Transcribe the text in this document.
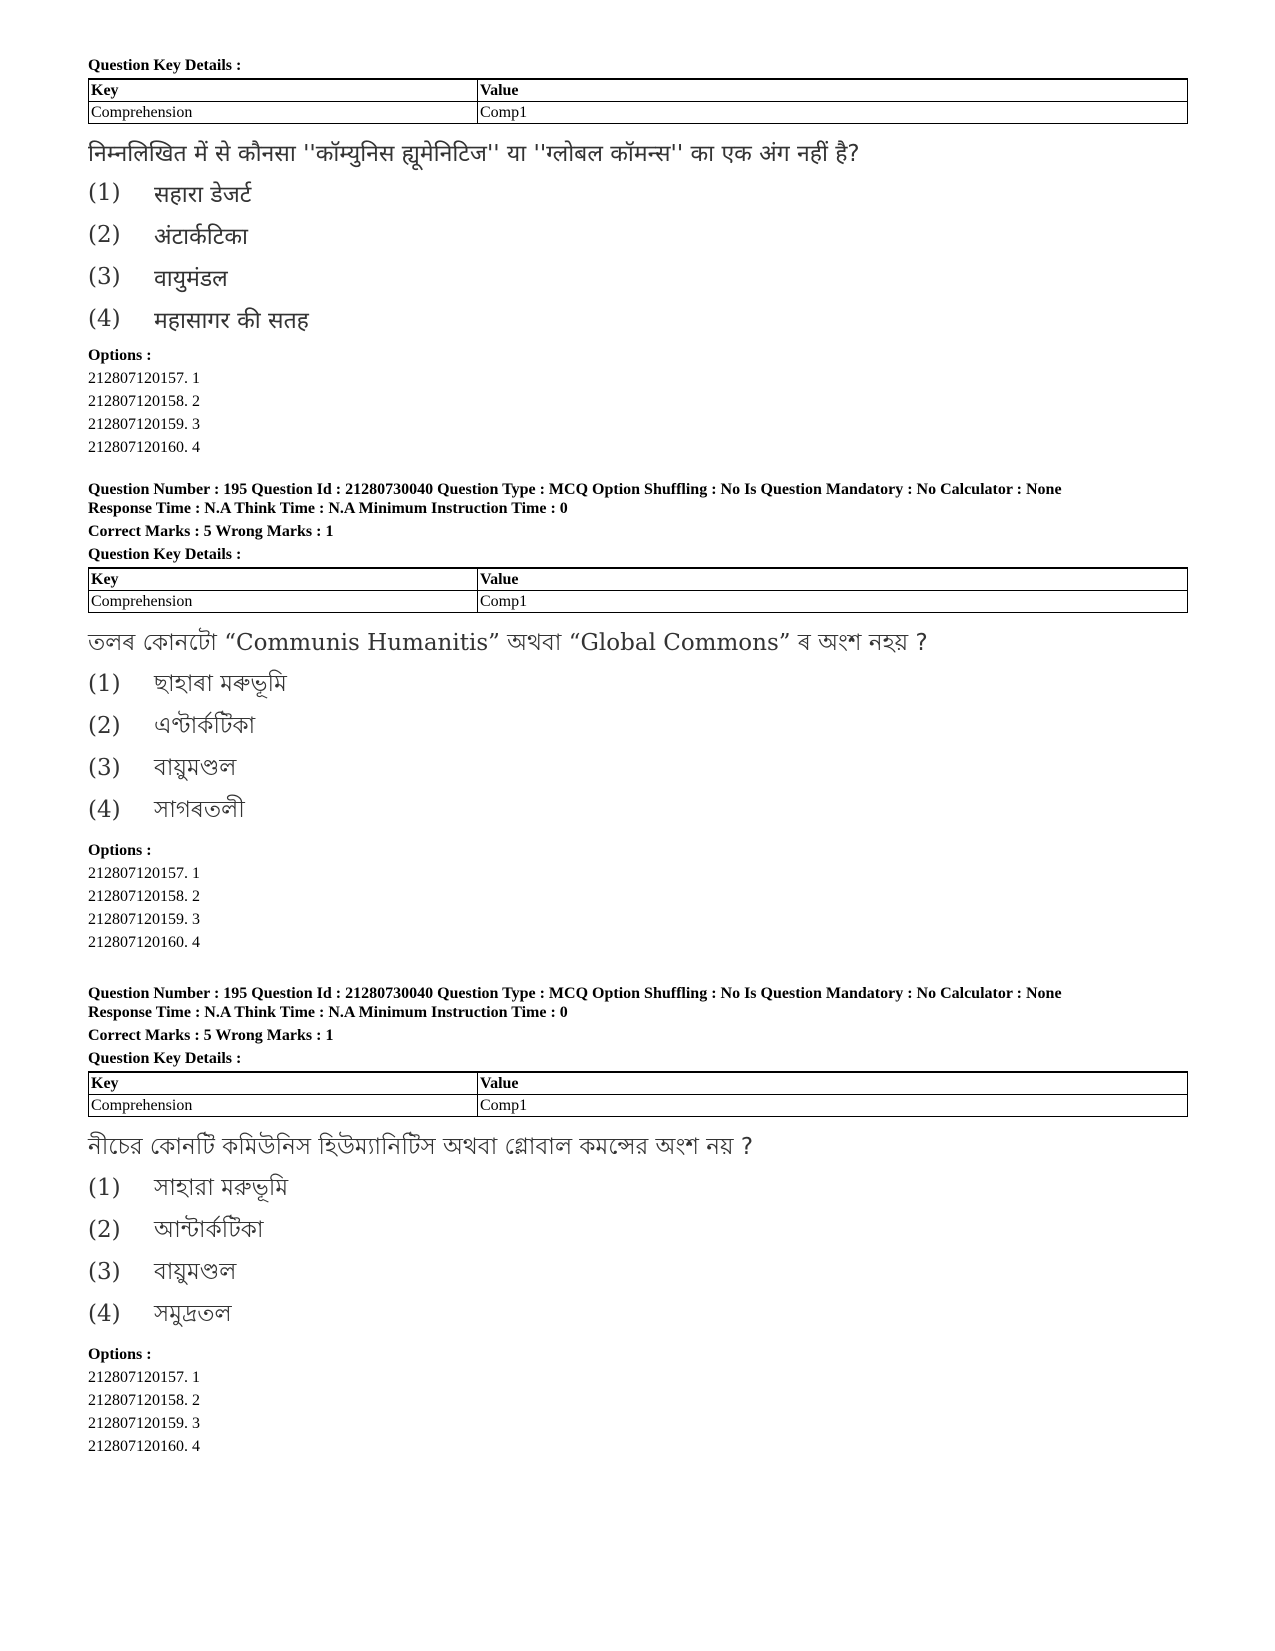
Question Key Details :
Key	Value
Comprehension	Comp1
निम्नलिखित में से कौनसा ''कॉम्युनिस ह्यूमेनिटिज'' या ''ग्लोबल कॉमन्स'' का एक अंग नहीं है?
(1)	सहारा डेजर्ट
(2)	अंटार्कटिका
(3)	वायुमंडल
(4)	महासागर की सतह
Options :
212807120157. 1
212807120158. 2
212807120159. 3
212807120160. 4
Question Number : 195 Question Id : 21280730040 Question Type : MCQ Option Shuffling : No Is Question Mandatory : No Calculator : None
Response Time : N.A Think Time : N.A Minimum Instruction Time : 0
Correct Marks : 5 Wrong Marks : 1
Question Key Details :
Key	Value
Comprehension	Comp1
তলৰ কোনটো “Communis Humanitis” অথবা “Global Commons” ৰ অংশ নহয় ?
(1)	ছাহাৰা মৰুভূমি
(2)	এণ্টাৰ্কটিকা
(3)	বায়ুমণ্ডল
(4)	সাগৰতলী
Options :
212807120157. 1
212807120158. 2
212807120159. 3
212807120160. 4
Question Number : 195 Question Id : 21280730040 Question Type : MCQ Option Shuffling : No Is Question Mandatory : No Calculator : None
Response Time : N.A Think Time : N.A Minimum Instruction Time : 0
Correct Marks : 5 Wrong Marks : 1
Question Key Details :
Key	Value
Comprehension	Comp1
নীচের কোনটি কমিউনিস হিউম্যানিটিস অথবা গ্লোবাল কমন্সের অংশ নয় ?
(1)	সাহারা মরুভূমি
(2)	আন্টার্কটিকা
(3)	বায়ুমণ্ডল
(4)	সমুদ্রতল
Options :
212807120157. 1
212807120158. 2
212807120159. 3
212807120160. 4
